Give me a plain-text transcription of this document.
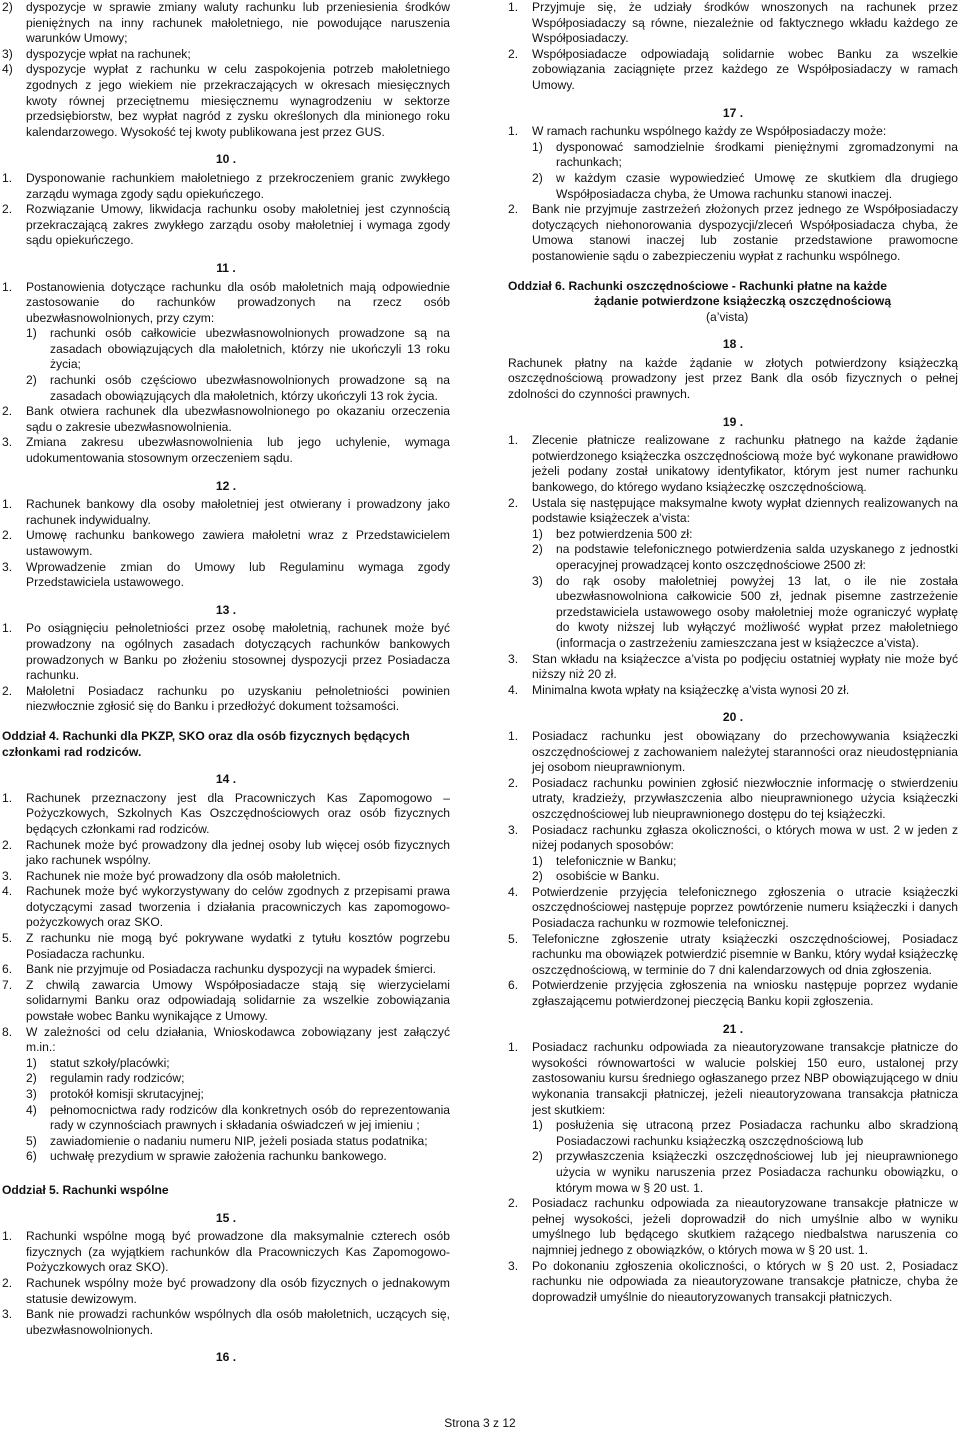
2)	dyspozycje w sprawie zmiany waluty rachunku lub przeniesienia środków pieniężnych na inny rachunek małoletniego, nie powodujące naruszenia warunków Umowy;
3)	dyspozycje wpłat na rachunek;
4)	dyspozycje wypłat z rachunku w celu zaspokojenia potrzeb małoletniego zgodnych z jego wiekiem nie przekraczających w okresach miesięcznych kwoty równej przeciętnemu miesięcznemu wynagrodzeniu w sektorze przedsiębiorstw, bez wypłat nagród z zysku określonych dla minionego roku kalendarzowego. Wysokość tej kwoty publikowana jest przez GUS.
10 .
1.	Dysponowanie rachunkiem małoletniego z przekroczeniem granic zwykłego zarządu wymaga zgody sądu opiekuńczego.
2.	Rozwiązanie Umowy, likwidacja rachunku osoby małoletniej jest czynnością przekraczającą zakres zwykłego zarządu osoby małoletniej i wymaga zgody sądu opiekuńczego.
11 .
1.	Postanowienia dotyczące rachunku dla osób małoletnich mają odpowiednie zastosowanie do rachunków prowadzonych na rzecz osób ubezwłasnowolnionych, przy czym:
1)	rachunki osób całkowicie ubezwłasnowolnionych prowadzone są na zasadach obowiązujących dla małoletnich, którzy nie ukończyli 13 roku życia;
2)	rachunki osób częściowo ubezwłasnowolnionych prowadzone są na zasadach obowiązujących dla małoletnich, którzy ukończyli 13 rok życia.
2.	Bank otwiera rachunek dla ubezwłasnowolnionego po okazaniu orzeczenia sądu o zakresie ubezwłasnowolnienia.
3.	Zmiana zakresu ubezwłasnowolnienia lub jego uchylenie, wymaga udokumentowania stosownym orzeczeniem sądu.
12 .
1.	Rachunek bankowy dla osoby małoletniej jest otwierany i prowadzony jako rachunek indywidualny.
2.	Umowę rachunku bankowego zawiera małoletni wraz z Przedstawicielem ustawowym.
3.	Wprowadzenie zmian do Umowy lub Regulaminu wymaga zgody Przedstawiciela ustawowego.
13 .
1.	Po osiągnięciu pełnoletniości przez osobę małoletnią, rachunek może być prowadzony na ogólnych zasadach dotyczących rachunków bankowych prowadzonych w Banku po złożeniu stosownej dyspozycji przez Posiadacza rachunku.
2.	Małoletni Posiadacz rachunku po uzyskaniu pełnoletniości powinien niezwłocznie zgłosić się do Banku i przedłożyć dokument tożsamości.
Oddział 4. Rachunki dla PKZP, SKO oraz dla osób fizycznych będących członkami rad rodziców.
14 .
1.	Rachunek przeznaczony jest dla Pracowniczych Kas Zapomogowo – Pożyczkowych, Szkolnych Kas Oszczędnościowych oraz osób fizycznych będących członkami rad rodziców.
2.	Rachunek może być prowadzony dla jednej osoby lub więcej osób fizycznych jako rachunek wspólny.
3.	Rachunek nie może być prowadzony dla osób małoletnich.
4.	Rachunek może być wykorzystywany do celów zgodnych z przepisami prawa dotyczącymi zasad tworzenia i działania pracowniczych kas zapomogowo-pożyczkowych oraz SKO.
5.	Z rachunku nie mogą być pokrywane wydatki z tytułu kosztów pogrzebu Posiadacza rachunku.
6.	Bank nie przyjmuje od Posiadacza rachunku dyspozycji na wypadek śmierci.
7.	Z chwilą zawarcia Umowy Współposiadacze stają się wierzycielami solidarnymi Banku oraz odpowiadają solidarnie za wszelkie zobowiązania powstałe wobec Banku wynikające z Umowy.
8.	W zależności od celu działania, Wnioskodawca zobowiązany jest załączyć m.in.:
1)	statut szkoły/placówki;
2)	regulamin rady rodziców;
3)	protokół komisji skrutacyjnej;
4)	pełnomocnictwa rady rodziców dla konkretnych osób do reprezentowania rady w czynnościach prawnych i składania oświadczeń w jej imieniu ;
5)	zawiadomienie o nadaniu numeru NIP, jeżeli posiada status podatnika;
6)	uchwałę prezydium w sprawie założenia rachunku bankowego.
Oddział 5. Rachunki wspólne
15 .
1.	Rachunki wspólne mogą być prowadzone dla maksymalnie czterech osób fizycznych (za wyjątkiem rachunków dla Pracowniczych Kas Zapomogowo-Pożyczkowych oraz SKO).
2.	Rachunek wspólny może być prowadzony dla osób fizycznych o jednakowym statusie dewizowym.
3.	Bank nie prowadzi rachunków wspólnych dla osób małoletnich, uczących się, ubezwłasnowolnionych.
16 .
1.	Przyjmuje się, że udziały środków wnoszonych na rachunek przez Współposiadaczy są równe, niezależnie od faktycznego wkładu każdego ze Współposiadaczy.
2.	Współposiadacze odpowiadają solidarnie wobec Banku za wszelkie zobowiązania zaciągnięte przez każdego ze Współposiadaczy w ramach Umowy.
17 .
1.	W ramach rachunku wspólnego każdy ze Współposiadaczy może:
1)	dysponować samodzielnie środkami pieniężnymi zgromadzonymi na rachunkach;
2)	w każdym czasie wypowiedzieć Umowę ze skutkiem dla drugiego Współposiadacza chyba, że Umowa rachunku stanowi inaczej.
2.	Bank nie przyjmuje zastrzeżeń złożonych przez jednego ze Współposiadaczy dotyczących niehonorowania dyspozycji/zleceń Współposiadacza chyba, że Umowa stanowi inaczej lub zostanie przedstawione prawomocne postanowienie sądu o zabezpieczeniu wypłat z rachunku wspólnego.
Oddział 6. Rachunki oszczędnościowe - Rachunki płatne na każde
żądanie potwierdzone książeczką oszczędnościową
(a’vista)
18 .
Rachunek płatny na każde żądanie w złotych potwierdzony książeczką oszczędnościową prowadzony jest przez Bank dla osób fizycznych o pełnej zdolności do czynności prawnych.
19 .
1.	Zlecenie płatnicze realizowane z rachunku płatnego na każde żądanie potwierdzonego książeczka oszczędnościową może być wykonane prawidłowo jeżeli podany został unikatowy identyfikator, którym jest numer rachunku bankowego, do którego wydano książeczkę oszczędnościową.
2.	Ustala się następujące maksymalne kwoty wypłat dziennych realizowanych na podstawie książeczek a’vista:
1)	bez potwierdzenia 500 zł:
2)	na podstawie telefonicznego potwierdzenia salda uzyskanego z jednostki operacyjnej prowadzącej konto oszczędnościowe 2500 zł:
3)	do rąk osoby małoletniej powyżej 13 lat, o ile nie została ubezwłasnowolniona całkowicie 500 zł, jednak pisemne zastrzeżenie przedstawiciela ustawowego osoby małoletniej może ograniczyć wypłatę do kwoty niższej lub wyłączyć możliwość wypłat przez małoletniego (informacja o zastrzeżeniu zamieszczana jest w książeczce a’vista).
3.	Stan wkładu na książeczce a’vista po podjęciu ostatniej wypłaty nie może być niższy niż 20 zł.
4.	Minimalna kwota wpłaty na książeczkę a’vista wynosi 20 zł.
20 .
1.	Posiadacz rachunku jest obowiązany do przechowywania książeczki oszczędnościowej z zachowaniem należytej staranności oraz nieudostępniania jej osobom nieuprawnionym.
2.	Posiadacz rachunku powinien zgłosić niezwłocznie informację o stwierdzeniu utraty, kradzieży, przywłaszczenia albo nieuprawnionego użycia książeczki oszczędnościowej lub nieuprawnionego dostępu do tej książeczki.
3.	Posiadacz rachunku zgłasza okoliczności, o których mowa w ust. 2 w jeden z niżej podanych sposobów:
1)	telefonicznie w Banku;
2)	osobiście w Banku.
4.	Potwierdzenie przyjęcia telefonicznego zgłoszenia o utracie książeczki oszczędnościowej następuje poprzez powtórzenie numeru książeczki i danych Posiadacza rachunku w rozmowie telefonicznej.
5.	Telefoniczne zgłoszenie utraty książeczki oszczędnościowej, Posiadacz rachunku ma obowiązek potwierdzić pisemnie w Banku, który wydał książeczkę oszczędnościową, w terminie do 7 dni kalendarzowych od dnia zgłoszenia.
6.	Potwierdzenie przyjęcia zgłoszenia na wniosku następuje poprzez wydanie zgłaszającemu potwierdzonej pieczęcią Banku kopii zgłoszenia.
21 .
1.	Posiadacz rachunku odpowiada za nieautoryzowane transakcje płatnicze do wysokości równowartości w walucie polskiej 150 euro, ustalonej przy zastosowaniu kursu średniego ogłaszanego przez NBP obowiązującego w dniu wykonania transakcji płatniczej, jeżeli nieautoryzowana transakcja płatnicza jest skutkiem:
1)	posłużenia się utraconą przez Posiadacza rachunku albo skradzioną Posiadaczowi rachunku książeczką oszczędnościową lub
2)	przywłaszczenia książeczki oszczędnościowej lub jej nieuprawnionego użycia w wyniku naruszenia przez Posiadacza rachunku obowiązku, o którym mowa w § 20 ust. 1.
2.	Posiadacz rachunku odpowiada za nieautoryzowane transakcje płatnicze w pełnej wysokości, jeżeli doprowadził do nich umyślnie albo w wyniku umyślnego lub będącego skutkiem rażącego niedbalstwa naruszenia co najmniej jednego z obowiązków, o których mowa w § 20 ust. 1.
3.	Po dokonaniu zgłoszenia okoliczności, o których w § 20 ust. 2, Posiadacz rachunku nie odpowiada za nieautoryzowane transakcje płatnicze, chyba że doprowadził umyślnie do nieautoryzowanych transakcji płatniczych.
Strona 3 z 12
